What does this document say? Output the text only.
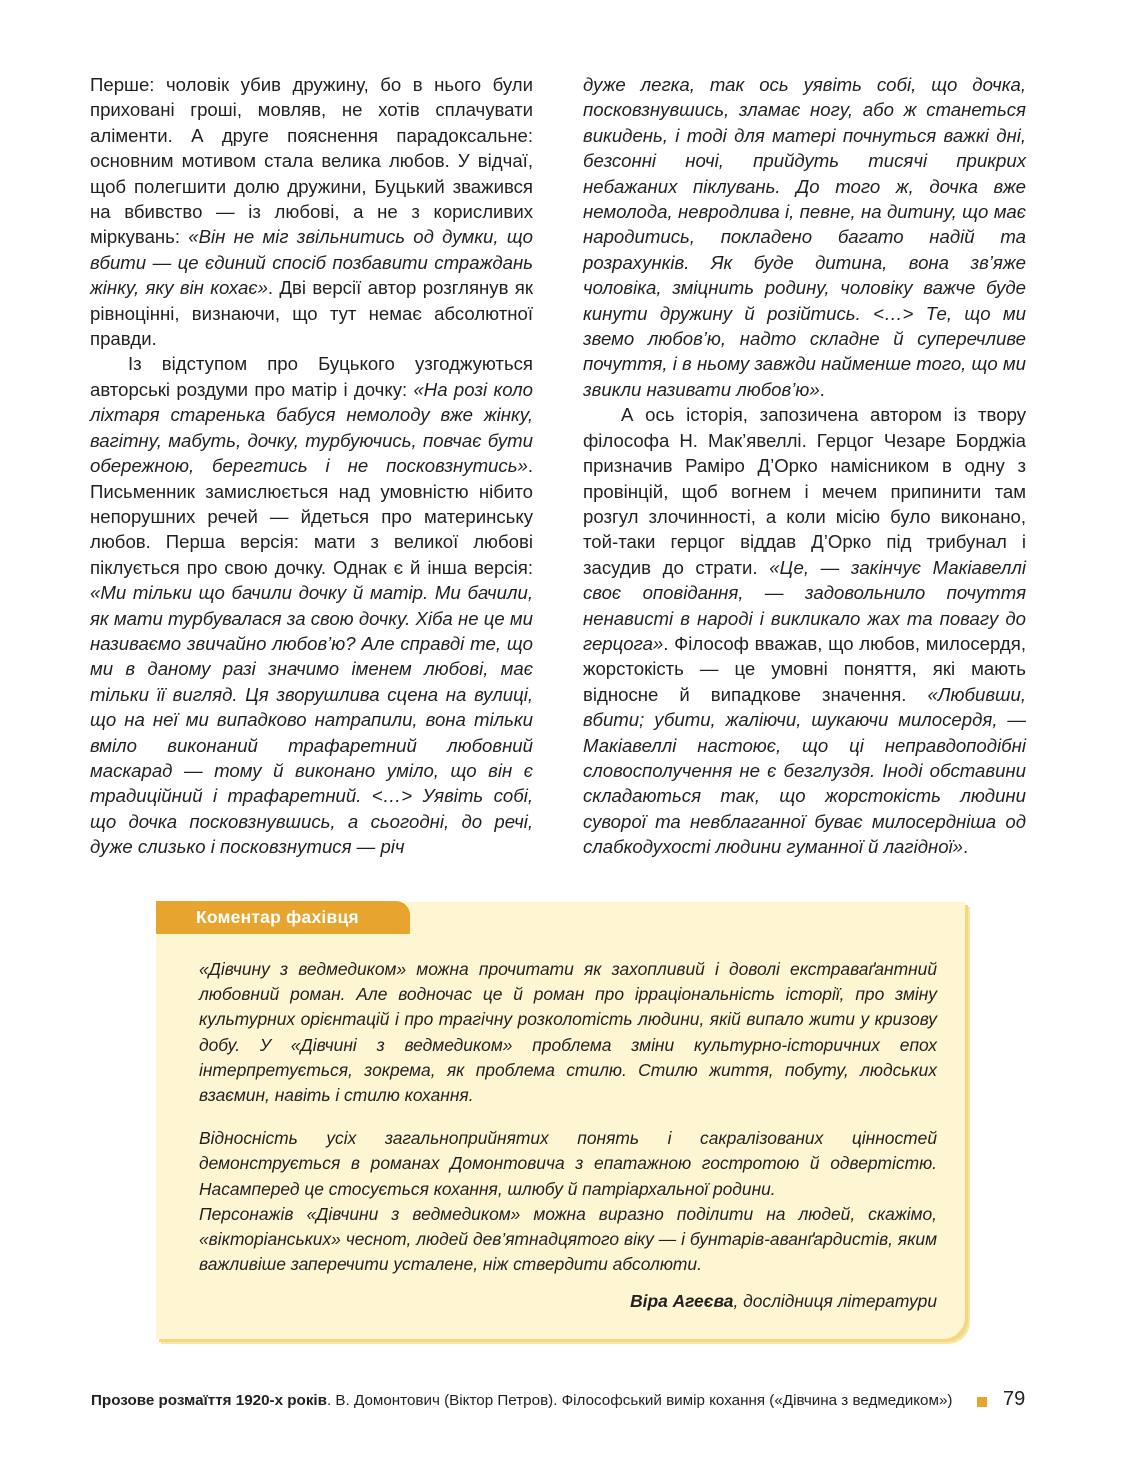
Перше: чоловік убив дружину, бо в нього були приховані гроші, мовляв, не хотів сплачувати аліменти. А друге пояснення парадоксальне: основним мотивом стала велика любов. У відчаї, щоб полегшити долю дружини, Буцький зважився на вбивство — із любові, а не з корисливих міркувань: «Він не міг звільнитись од думки, що вбити — це єдиний спосіб позбавити страждань жінку, яку він кохає». Дві версії автор розглянув як рівноцінні, визнаючи, що тут немає абсолютної правди.

Із відступом про Буцького узгоджуються авторські роздуми про матір і дочку: «На розі коло ліхтаря старенька бабуся немолоду вже жінку, вагітну, мабуть, дочку, турбуючись, повчає бути обережною, берегтись і не посковзнутись». Письменник замислюється над умовністю нібито непорушних речей — йдеться про материнську любов. Перша версія: мати з великої любові піклується про свою дочку. Однак є й інша версія: «Ми тільки що бачили дочку й матір. Ми бачили, як мати турбувалася за свою дочку. Хіба не це ми називаємо звичайно любов’ю? Але справді те, що ми в даному разі значимо іменем любові, має тільки її вигляд. Ця зворушлива сцена на вулиці, що на неї ми випадково натрапили, вона тільки вміло виконаний трафаретний любовний маскарад — тому й виконано уміло, що він є традиційний і трафаретний. <…> Уявіть собі, що дочка посковзнувшись, а сьогодні, до речі, дуже слизько і посковзнутися — річ

дуже легка, так ось уявіть собі, що дочка, посковзнувшись, зламає ногу, або ж станеться викидень, і тоді для матері почнуться важкі дні, безсонні ночі, прийдуть тисячі прикрих небажаних піклувань. До того ж, дочка вже немолода, невродлива і, певне, на дитину, що має народитись, покладено багато надій та розрахунків. Як буде дитина, вона зв’яже чоловіка, зміцнить родину, чоловіку важче буде кинути дружину й розійтись. <…> Те, що ми звемо любов’ю, надто складне й суперечливе почуття, і в ньому завжди найменше того, що ми звикли називати любов’ю».

А ось історія, запозичена автором із твору філософа Н. Мак’явеллі. Герцог Чезаре Борджіа призначив Раміро Д’Орко намісником в одну з провінцій, щоб вогнем і мечем припинити там розгул злочинності, а коли місію було виконано, той-таки герцог віддав Д’Орко під трибунал і засудив до страти. «Це, — закінчує Макіавеллі своє оповідання, — задовольнило почуття ненависті в народі і викликало жах та повагу до герцога». Філософ вважав, що любов, милосердя, жорстокість — це умовні поняття, які мають відносне й випадкове значення. «Любивши, вбити; убити, жаліючи, шукаючи милосердя, — Макіавеллі настоює, що ці неправдоподібні словосполучення не є безглуздя. Іноді обставини складаються так, що жорстокість людини суворої та невблаганної буває милосердніша од слабкодухості людини гуманної й лагідної».

Коментар фахівця

«Дівчину з ведмедиком» можна прочитати як захопливий і доволі екстраваґантний любовний роман. Але водночас це й роман про ірраціональність історії, про зміну культурних орієнтацій і про трагічну розколотість людини, якій випало жити у кризову добу. У «Дівчині з ведмедиком» проблема зміни культурно-історичних епох інтерпретується, зокрема, як проблема стилю. Стилю життя, побуту, людських взаємин, навіть і стилю кохання.

Відносність усіх загальноприйнятих понять і сакралізованих цінностей демонструється в романах Домонтовича з епатажною гостротою й одвертістю. Насамперед це стосується кохання, шлюбу й патріархальної родини.

Персонажів «Дівчини з ведмедиком» можна виразно поділити на людей, скажімо, «вікторіанських» чеснот, людей дев’ятнадцятого віку — і бунтарів-аванґардистів, яким важливіше заперечити усталене, ніж ствердити абсолюти.

Віра Агеєва, дослідниця літератури
Прозове розмаїття 1920-х років. В. Домонтович (Віктор Петров). Філософський вимір кохання («Дівчина з ведмедиком»)	79
